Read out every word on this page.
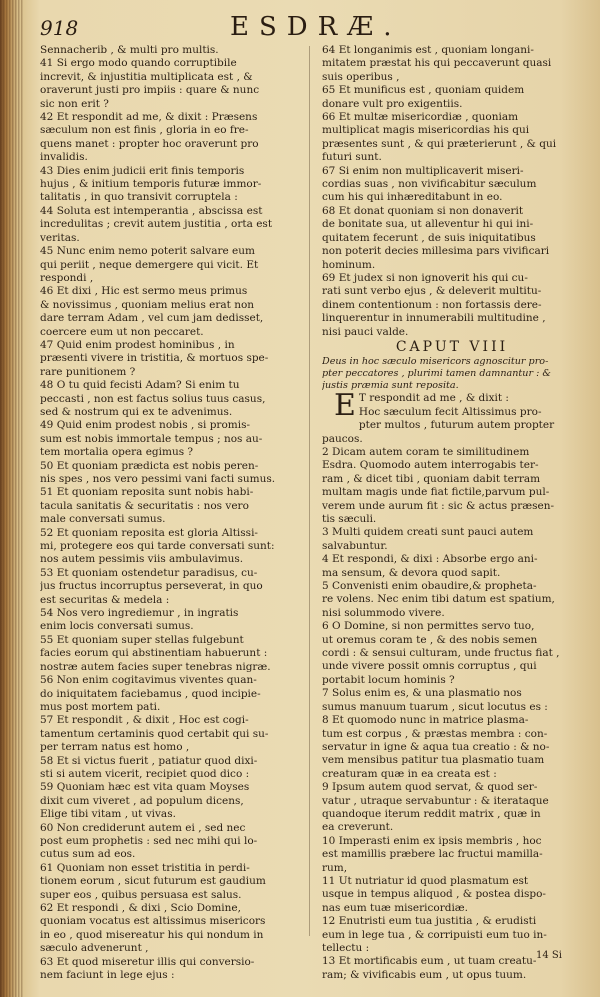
918	ESDRÆ.
Sennacherib , & multi pro multis.
41 Si ergo modo quando corruptibile
increvit, & injustitia multiplicata est , &
oraverunt justi pro impiis : quare & nunc
sic non erit ?
42 Et respondit ad me, & dixit : Præsens
sæculum non est finis , gloria in eo fre-
quens manet : propter hoc oraverunt pro
invalidis.
43 Dies enim judicii erit finis temporis
hujus , & initium temporis futuræ immor-
talitatis , in quo transivit corruptela :
44 Soluta est intemperantia , abscissa est
incredulitas ; crevit autem justitia , orta est
veritas.
45 Nunc enim nemo poterit salvare eum
qui periit , neque demergere qui vicit. Et
respondi ,
46 Et dixi , Hic est sermo meus primus
& novissimus , quoniam melius erat non
dare terram Adam , vel cum jam dedisset,
coercere eum ut non peccaret.
47 Quid enim prodest hominibus , in
præsenti vivere in tristitia, & mortuos spe-
rare punitionem ?
48 O tu quid fecisti Adam? Si enim tu
peccasti , non est factus solius tuus casus,
sed & nostrum qui ex te advenimus.
49 Quid enim prodest nobis , si promis-
sum est nobis immortale tempus ; nos au-
tem mortalia opera egimus ?
50 Et quoniam prædicta est nobis peren-
nis spes , nos vero pessimi vani facti sumus.
51 Et quoniam reposita sunt nobis habi-
tacula sanitatis & securitatis : nos vero
male conversati sumus.
52 Et quoniam reposita est gloria Altissi-
mi, protegere eos qui tarde conversati sunt:
nos autem pessimis viis ambulavimus.
53 Et quoniam ostendetur paradisus, cu-
jus fructus incorruptus perseverat, in quo
est securitas & medela :
54 Nos vero ingrediemur , in ingratis
enim locis conversati sumus.
55 Et quoniam super stellas fulgebunt
facies eorum qui abstinentiam habuerunt :
nostræ autem facies super tenebras nigræ.
56 Non enim cogitavimus viventes quan-
do iniquitatem faciebamus , quod incipie-
mus post mortem pati.
57 Et respondit , & dixit , Hoc est cogi-
tamentum certaminis quod certabit qui su-
per terram natus est homo ,
58 Et si victus fuerit , patiatur quod dixi-
sti si autem vicerit, recipiet quod dico :
59 Quoniam hæc est vita quam Moyses
dixit cum viveret , ad populum dicens,
Elige tibi vitam , ut vivas.
60 Non crediderunt autem ei , sed nec
post eum prophetis : sed nec mihi qui lo-
cutus sum ad eos.
61 Quoniam non esset tristitia in perdi-
tionem eorum , sicut futurum est gaudium
super eos , quibus persuasa est salus.
62 Et respondi , & dixi , Scio Domine,
quoniam vocatus est altissimus misericors
in eo , quod misereatur his qui nondum in
sæculo advenerunt ,
63 Et quod miseretur illis qui conversio-
nem faciunt in lege ejus :
64 Et longanimis est , quoniam longani-
mitatem præstat his qui peccaverunt quasi
suis operibus ,
65 Et munificus est , quoniam quidem
donare vult pro exigentiis.
66 Et multæ misericordiæ , quoniam
multiplicat magis misericordias his qui
præsentes sunt , & qui præterierunt , & qui
futuri sunt.
67 Si enim non multiplicaverit miseri-
cordias suas , non vivificabitur sæculum
cum his qui inhæreditabunt in eo.
68 Et donat quoniam si non donaverit
de bonitate sua, ut alleventur hi qui ini-
quitatem fecerunt , de suis iniquitatibus
non poterit decies millesima pars vivificari
hominum.
69 Et judex si non ignoverit his qui cu-
rati sunt verbo ejus , & deleverit multitu-
dinem contentionum : non fortassis dere-
linquerentur in innumerabili multitudine ,
nisi pauci valde.
CAPUT VIII
Deus in hoc sæculo misericors agnoscitur pro-
pter peccatores , plurimi tamen damnantur : &
justis præmia sunt reposita.
E T respondit ad me , & dixit :
Hoc sæculum fecit Altissimus pro-
pter multos , futurum autem propter
paucos.
2 Dicam autem coram te similitudinem
Esdra. Quomodo autem interrogabis ter-
ram , & dicet tibi , quoniam dabit terram
multam magis unde fiat fictile,parvum pul-
verem unde aurum fit : sic & actus præsen-
tis sæculi.
3 Multi quidem creati sunt pauci autem
salvabuntur.
4 Et respondi, & dixi : Absorbe ergo ani-
ma sensum, & devora quod sapit.
5 Convenisti enim obaudire,& propheta-
re volens. Nec enim tibi datum est spatium,
nisi solummodo vivere.
6 O Domine, si non permittes servo tuo,
ut oremus coram te , & des nobis semen
cordi : & sensui culturam, unde fructus fiat ,
unde vivere possit omnis corruptus , qui
portabit locum hominis ?
7 Solus enim es, & una plasmatio nos
sumus manuum tuarum , sicut locutus es :
8 Et quomodo nunc in matrice plasma-
tum est corpus , & præstas membra : con-
servatur in igne & aqua tua creatio : & no-
vem mensibus patitur tua plasmatio tuam
creaturam quæ in ea creata est :
9 Ipsum autem quod servat, & quod ser-
vatur , utraque servabuntur : & iterataque
quandoque iterum reddit matrix , quæ in
ea creverunt.
10 Imperasti enim ex ipsis membris , hoc
est mamillis præbere lac fructui mamilla-
rum,
11 Ut nutriatur id quod plasmatum est
usque in tempus aliquod , & postea dispo-
nas eum tuæ misericordiæ.
12 Enutristi eum tua justitia , & erudisti
eum in lege tua , & corripuisti eum tuo in-
tellectu :
13 Et mortificabis eum , ut tuam creatu-
ram; & vivificabis eum , ut opus tuum.
14 Si
